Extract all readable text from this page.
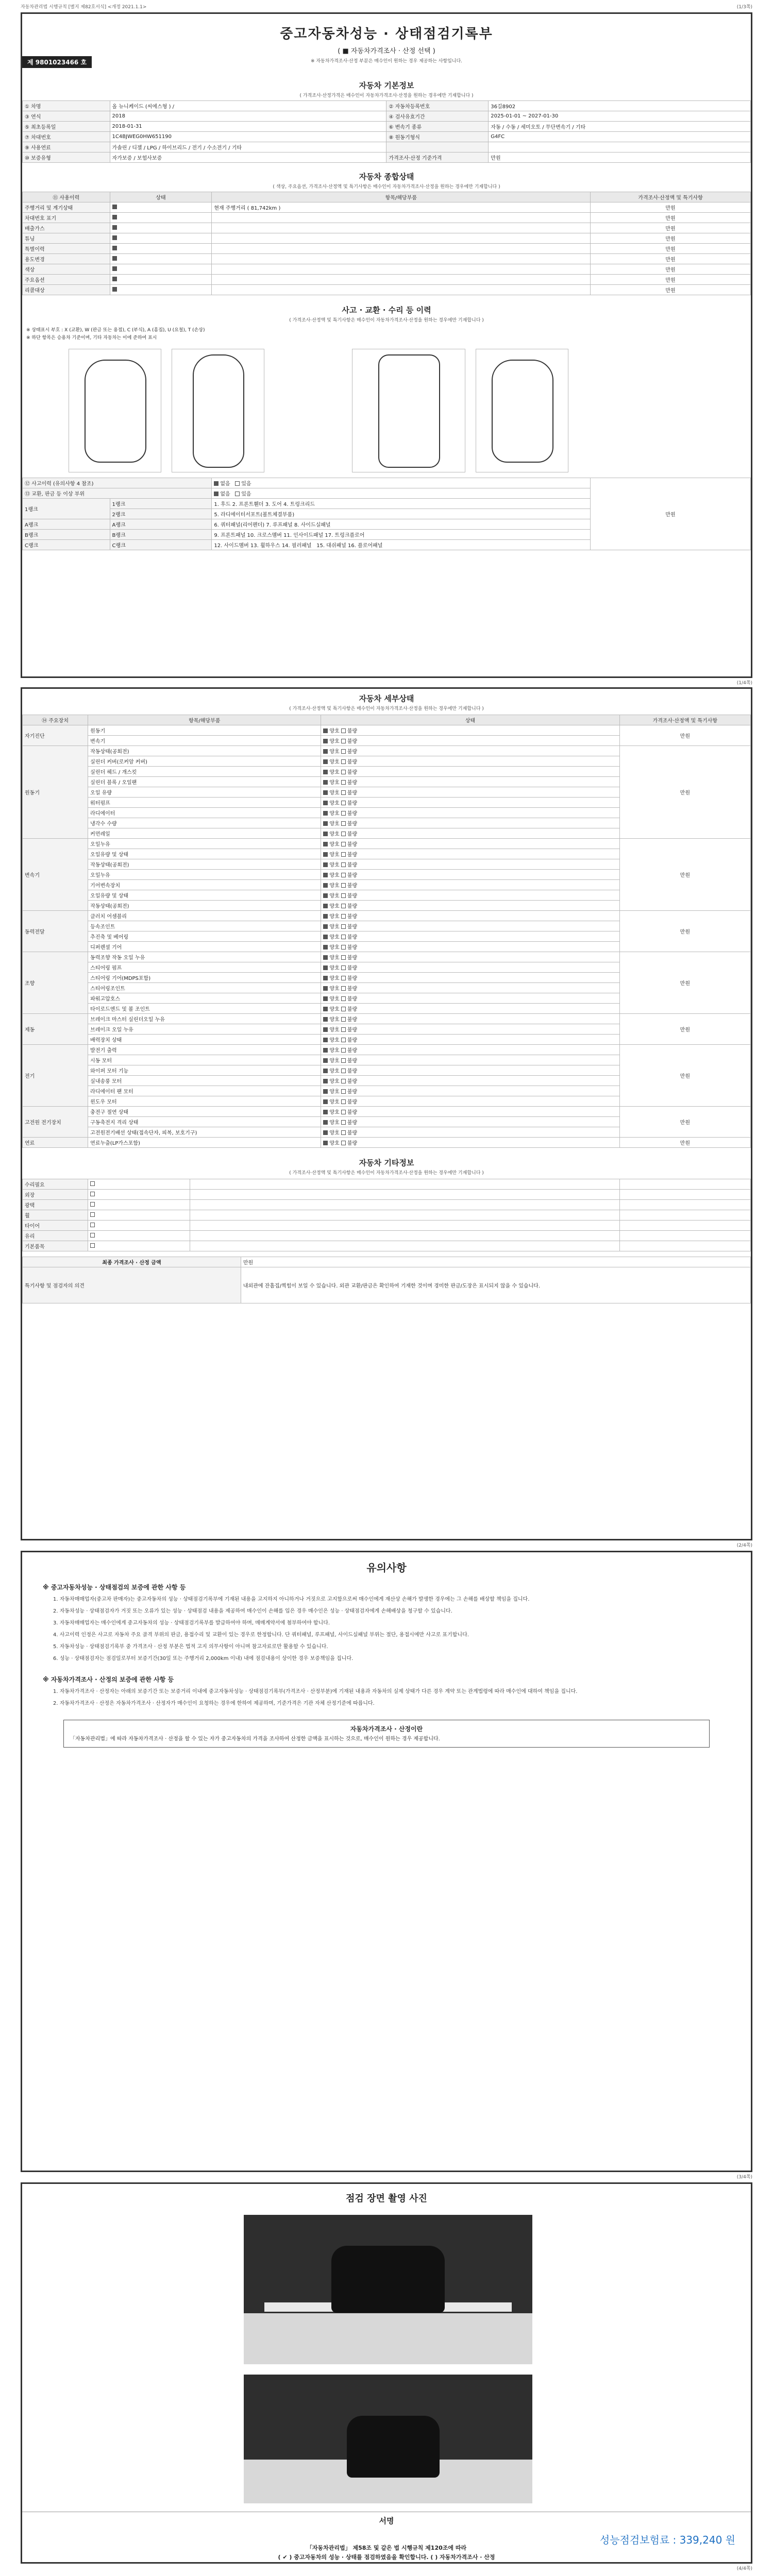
자동차관리법 시행규칙 [별지 제82호서식] <개정 2021.1.1>	(1/3쪽)
중고자동차성능 · 상태점검기록부
( ■ 자동차가격조사 · 산정 선택 )
※ 자동차가격조사·산정 부분은 매수인이 원하는 경우 제공하는 사항입니다.
제 9801023466 호
자동차 기본정보
( 가격조사·산정가격은 매수인이 자동차가격조사·산정을 원하는 경우에만 기재합니다 )
① 차명	올 뉴니케이드 (씨에스형 ) /	② 자동차등록번호	36길8902
③ 연식	2018	④ 검사유효기간	2025-01-01 ~ 2027-01-30
⑤ 최초등록일	2018-01-31	⑥ 변속기 종류	자동 / 수동 / 세미오토 / 무단변속기 / 기타
⑦ 차대번호	1C4BJWEG0HW651190	⑧ 원동기형식	G4FC
⑨ 사용연료	가솔린 / 디젤 / LPG / 하이브리드 / 전기 / 수소전기 / 기타		
⑩ 보증유형	자가보증 / 보험사보증	가격조사·산정 기준가격	만원
자동차 종합상태
( 색상, 주요옵션, 가격조사·산정액 및 특기사항은 매수인이 자동차가격조사·산정을 원하는 경우에만 기재합니다 )
⑪ 사용이력	상태	항목/해당부품	가격조사·산정액 및 특기사항
주행거리 및 계기상태		현재 주행거리 ( 81,742km )	만원
차대번호 표기			만원
배출가스			만원
튜닝			만원
특별이력			만원
용도변경			만원
색상			만원
주요옵션			만원
리콜대상			만원
사고 · 교환 · 수리 등 이력
( 가격조사·산정액 및 특기사항은 매수인이 자동차가격조사·산정을 원하는 경우에만 기재합니다 )
※ 상태표시 부호 : X (교환), W (판금 또는 용접), C (부식), A (흠집), U (요철), T (손상)
※ 하단 항목은 승용차 기준이며, 기타 자동차는 이에 준하여 표시
⑫ 사고이력 (유의사항 4 참조)		없음 있음	만원
⑬ 교환, 판금 등 이상 부위		없음 있음	
1랭크	1랭크	1. 후드 2. 프론트휀더 3. 도어 4. 트렁크리드	
	2랭크	5. 라디에이터서포트(볼트체결부품)	
A랭크	A랭크	6. 쿼터패널(리어펜더) 7. 루프패널 8. 사이드실패널	
B랭크	B랭크	9. 프론트패널 10. 크로스멤버 11. 인사이드패널 17. 트렁크플로어	
C랭크	C랭크	12. 사이드멤버 13. 휠하우스 14. 필러패널 15. 대쉬패널 16. 플로어패널	
(1/4쪽)
자동차 세부상태
( 가격조사·산정액 및 특기사항은 매수인이 자동차가격조사·산정을 원하는 경우에만 기재합니다 )
⑭ 주요장치	항목/해당부품	상태	가격조사·산정액 및 특기사항
자기진단	원동기	양호 불량	만원
	변속기	양호 불량	
원동기	작동상태(공회전)	양호 불량	만원
	실린더 커버(로커암 커버)	양호 불량	
	실린더 헤드 / 개스킷	양호 불량	
	실린더 블록 / 오일팬	양호 불량	
	오일 유량	양호 불량	
	워터펌프	양호 불량	
	라디에이터	양호 불량	
	냉각수 수량	양호 불량	
	커먼레일	양호 불량	
변속기	오일누유	양호 불량	만원
	오일유량 및 상태	양호 불량	
	작동상태(공회전)	양호 불량	
	오일누유	양호 불량	
	기어변속장치	양호 불량	
	오일유량 및 상태	양호 불량	
	작동상태(공회전)	양호 불량	
동력전달	클러치 어셈블리	양호 불량	만원
	등속조인트	양호 불량	
	추진축 및 베어링	양호 불량	
	디퍼렌셜 기어	양호 불량	
조향	동력조향 작동 오일 누유	양호 불량	만원
	스티어링 펌프	양호 불량	
	스티어링 기어(MDPS포함)	양호 불량	
	스티어링조인트	양호 불량	
	파워고압호스	양호 불량	
	타이로드엔드 및 볼 조인트	양호 불량	
제동	브레이크 마스터 실린더오일 누유	양호 불량	만원
	브레이크 오일 누유	양호 불량	
	배력장치 상태	양호 불량	
전기	발전기 출력	양호 불량	만원
	시동 모터	양호 불량	
	와이퍼 모터 기능	양호 불량	
	실내송풍 모터	양호 불량	
	라디에이터 팬 모터	양호 불량	
	윈도우 모터	양호 불량	
고전원 전기장치	충전구 절연 상태	양호 불량	만원
	구동축전지 격리 상태	양호 불량	
	고전원전기배선 상태(접속단자, 피복, 보호기구)	양호 불량	
연료	연료누출(LP가스포함)	양호 불량	만원
자동차 기타정보
( 가격조사·산정액 및 특기사항은 매수인이 자동차가격조사·산정을 원하는 경우에만 기재합니다 )
수리필요			
외장			
광택			
휠			
타이어			
유리			
기본품목			
최종 가격조사 · 산정 금액	만원
특기사항 및 점검자의 의견	내외관에 잔흠집/찍힘이 보일 수 있습니다. 외관 교환/판금은 확인하여 기재한 것이며 경미한 판금/도장은 표시되지 않을 수 있습니다.
(2/4쪽)
유의사항
※ 중고자동차성능 · 상태점검의 보증에 관한 사항 등
1. 자동차매매업자(중고차 판매자)는 중고자동차의 성능 · 상태점검기록부에 기재된 내용을 고지하지 아니하거나 거짓으로 고지함으로써 매수인에게 재산상 손해가 발생한 경우에는 그 손해를 배상할 책임을 집니다.
2. 자동차성능 · 상태점검자가 거짓 또는 오류가 있는 성능 · 상태점검 내용을 제공하여 매수인이 손해를 입은 경우 매수인은 성능 · 상태점검자에게 손해배상을 청구할 수 있습니다.
3. 자동차매매업자는 매수인에게 중고자동차의 성능 · 상태점검기록부를 발급하여야 하며, 매매계약서에 첨부하여야 합니다.
4. 사고이력 인정은 사고로 자동차 주요 골격 부위의 판금, 용접수리 및 교환이 있는 경우로 한정합니다. 단 쿼터패널, 루프패널, 사이드실패널 부위는 절단, 용접시에만 사고로 표기합니다.
5. 자동차성능 · 상태점검기록부 중 가격조사 · 산정 부분은 법적 고지 의무사항이 아니며 참고자료로만 활용할 수 있습니다.
6. 성능 · 상태점검자는 점검일로부터 보증기간(30일 또는 주행거리 2,000km 이내) 내에 점검내용이 상이한 경우 보증책임을 집니다.
※ 자동차가격조사 · 산정의 보증에 관한 사항 등
1. 자동차가격조사 · 산정자는 아래의 보증기간 또는 보증거리 이내에 중고자동차성능 · 상태점검기록부(가격조사 · 산정부분)에 기재된 내용과 자동차의 실제 상태가 다른 경우 계약 또는 관계법령에 따라 매수인에 대하여 책임을 집니다.
2. 자동차가격조사 · 산정은 자동차가격조사 · 산정자가 매수인이 요청하는 경우에 한하여 제공하며, 기준가격은 기관 자체 산정기준에 따릅니다.
자동차가격조사 · 산정이란
「자동차관리법」에 따라 자동차가격조사 · 산정을 할 수 있는 자가 중고자동차의 가격을 조사하여 산정한 금액을 표시하는 것으로, 매수인이 원하는 경우 제공합니다.
(3/4쪽)
점검 장면 촬영 사진
서명
성능점검보험료 : 339,240 원
「자동차관리법」 제58조 및 같은 법 시행규칙 제120조에 따라
( ✔ ) 중고자동차의 성능 · 상태를 점검하였음을 확인합니다. ( ) 자동차가격조사 · 산정
(4/4쪽)
